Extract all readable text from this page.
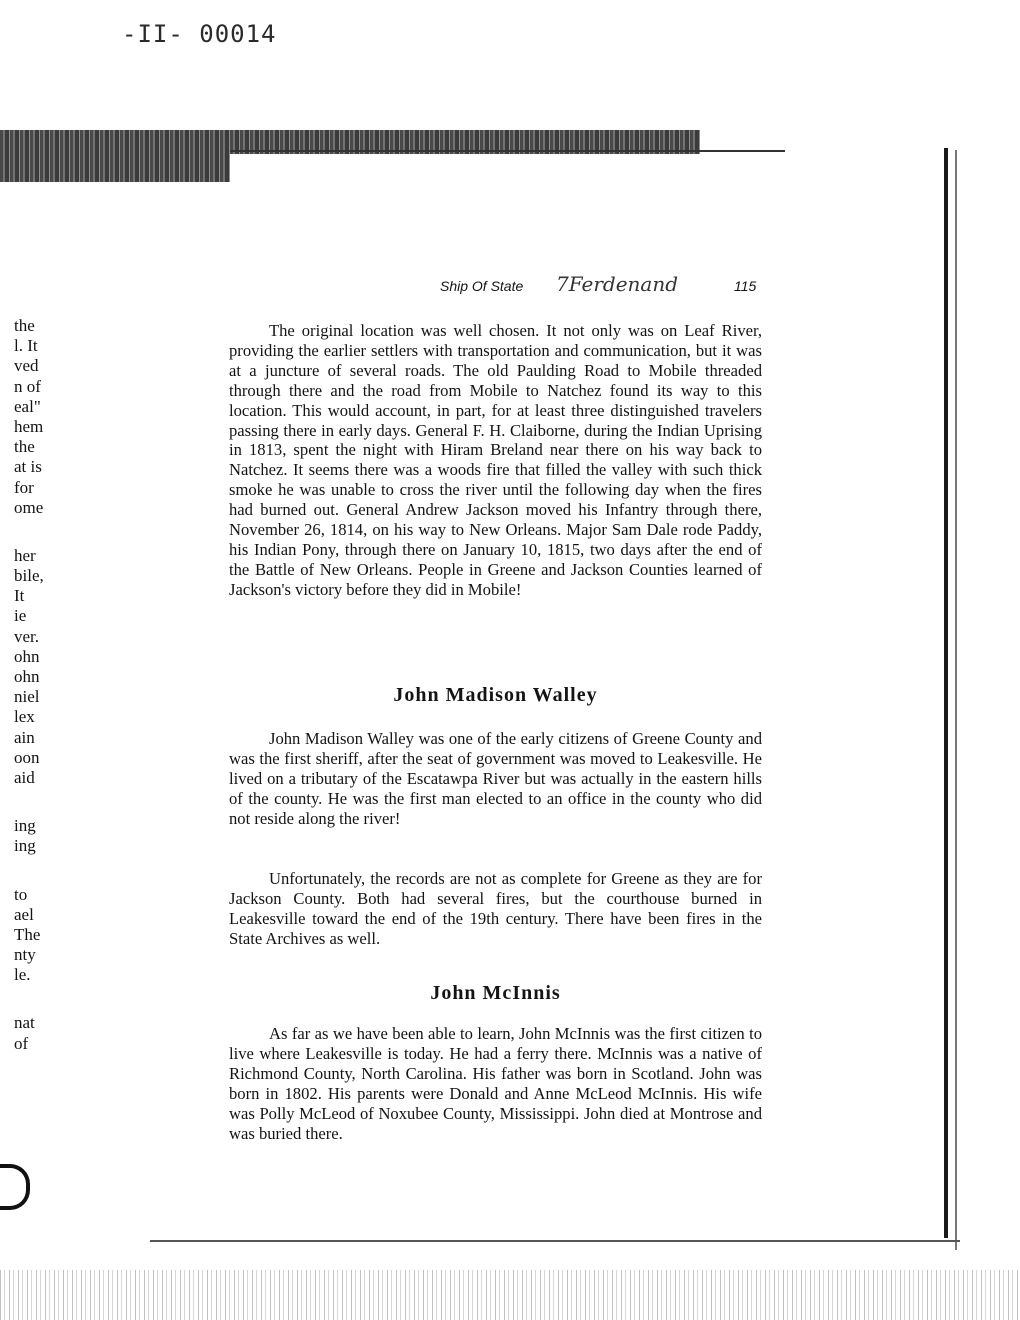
-II- 00014
the
l. It
ved
n of
eal"
hem
the
at is
for
ome
her
bile,
It
ie
ver.
ohn
ohn
niel
lex
ain
oon
aid
ing
ing
to
ael
The
nty
le.
nat
of
Ship Of State 7Ferdenand	115

The original location was well chosen. It not only was on Leaf River, providing the earlier settlers with transportation and communication, but it was at a juncture of several roads. The old Paulding Road to Mobile threaded through there and the road from Mobile to Natchez found its way to this location. This would account, in part, for at least three distinguished travelers passing there in early days. General F. H. Claiborne, during the Indian Uprising in 1813, spent the night with Hiram Breland near there on his way back to Natchez. It seems there was a woods fire that filled the valley with such thick smoke he was unable to cross the river until the following day when the fires had burned out. General Andrew Jackson moved his Infantry through there, November 26, 1814, on his way to New Orleans. Major Sam Dale rode Paddy, his Indian Pony, through there on January 10, 1815, two days after the end of the Battle of New Orleans. People in Greene and Jackson Counties learned of Jackson's victory before they did in Mobile!

John Madison Walley

John Madison Walley was one of the early citizens of Greene County and was the first sheriff, after the seat of government was moved to Leakesville. He lived on a tributary of the Escatawpa River but was actually in the eastern hills of the county. He was the first man elected to an office in the county who did not reside along the river!

Unfortunately, the records are not as complete for Greene as they are for Jackson County. Both had several fires, but the courthouse burned in Leakesville toward the end of the 19th century. There have been fires in the State Archives as well.

John McInnis

As far as we have been able to learn, John McInnis was the first citizen to live where Leakesville is today. He had a ferry there. McInnis was a native of Richmond County, North Carolina. His father was born in Scotland. John was born in 1802. His parents were Donald and Anne McLeod McInnis. His wife was Polly McLeod of Noxubee County, Mississippi. John died at Montrose and was buried there.
